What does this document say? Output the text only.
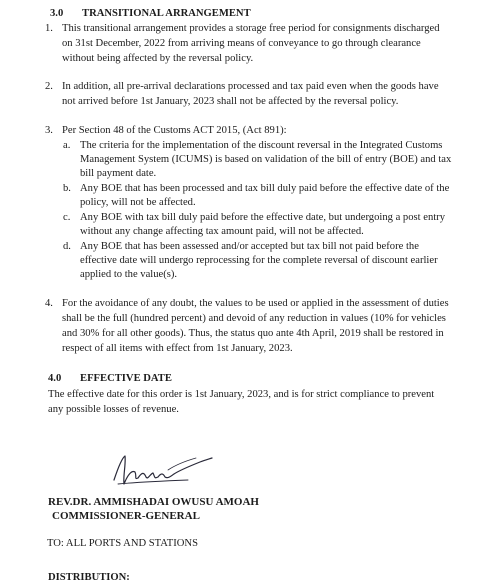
3.0 TRANSITIONAL ARRANGEMENT
1. This transitional arrangement provides a storage free period for consignments discharged
on 31st December, 2022 from arriving means of conveyance to go through clearance
without being affected by the reversal policy.
2. In addition, all pre-arrival declarations processed and tax paid even when the goods have
not arrived before 1st January, 2023 shall not be affected by the reversal policy.
3. Per Section 48 of the Customs ACT 2015, (Act 891):
a. The criteria for the implementation of the discount reversal in the Integrated Customs
Management System (ICUMS) is based on validation of the bill of entry (BOE) and tax
bill payment date.
b. Any BOE that has been processed and tax bill duly paid before the effective date of the
policy, will not be affected.
c. Any BOE with tax bill duly paid before the effective date, but undergoing a post entry
without any change affecting tax amount paid, will not be affected.
d. Any BOE that has been assessed and/or accepted but tax bill not paid before the
effective date will undergo reprocessing for the complete reversal of discount earlier
applied to the value(s).
4. For the avoidance of any doubt, the values to be used or applied in the assessment of duties
shall be the full (hundred percent) and devoid of any reduction in values (10% for vehicles
and 30% for all other goods). Thus, the status quo ante 4th April, 2019 shall be restored in
respect of all items with effect from 1st January, 2023.
4.0 EFFECTIVE DATE
The effective date for this order is 1st January, 2023, and is for strict compliance to prevent
any possible losses of revenue.
REV.DR. AMMISHADAI OWUSU AMOAH
COMMISSIONER-GENERAL
TO: ALL PORTS AND STATIONS
DISTRIBUTION:
